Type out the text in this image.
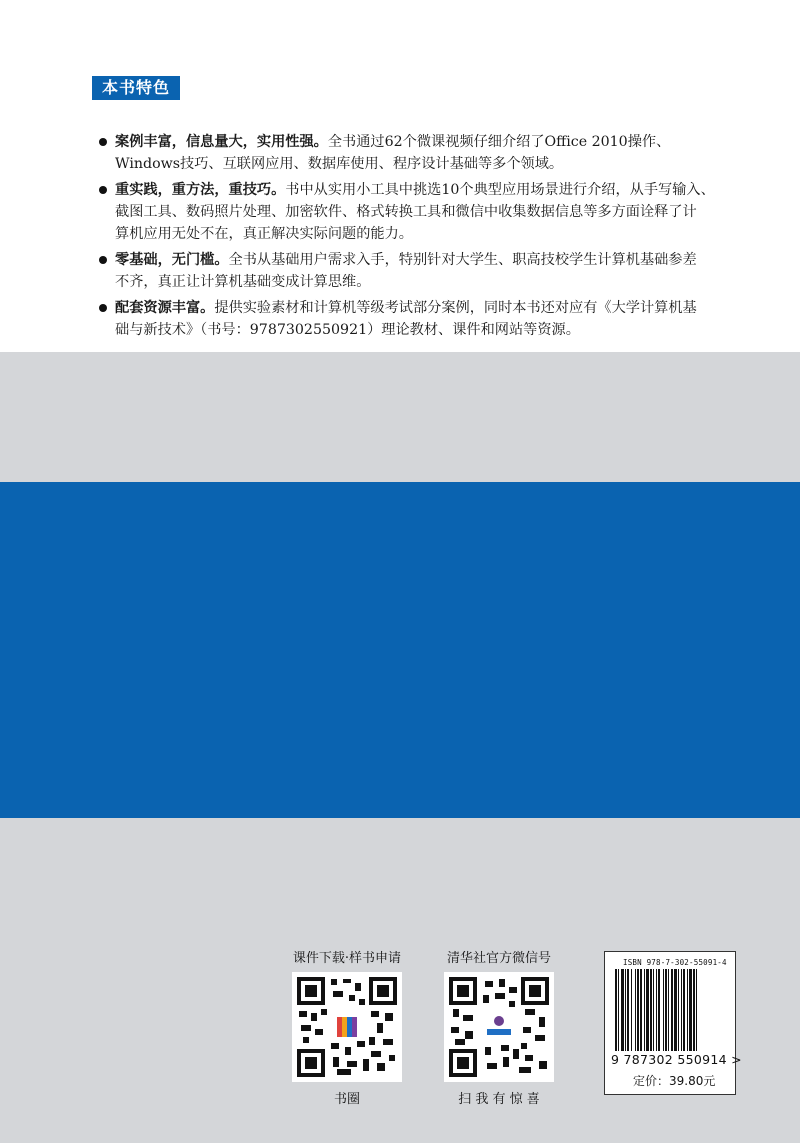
本书特色
案例丰富，信息量大，实用性强。全书通过62个微课视频仔细介绍了Office 2010操作、
Windows技巧、互联网应用、数据库使用、程序设计基础等多个领域。
重实践，重方法，重技巧。书中从实用小工具中挑选10个典型应用场景进行介绍，从手写输入、
截图工具、数码照片处理、加密软件、格式转换工具和微信中收集数据信息等多方面诠释了计
算机应用无处不在，真正解决实际问题的能力。
零基础，无门槛。全书从基础用户需求入手，特别针对大学生、职高技校学生计算机基础参差
不齐，真正让计算机基础变成计算思维。
配套资源丰富。提供实验素材和计算机等级考试部分案例，同时本书还对应有《大学计算机基
础与新技术》（书号：9787302550921）理论教材、课件和网站等资源。
课件下载·样书申请
书圈
清华社官方微信号
扫 我 有 惊 喜
ISBN 978-7-302-55091-4
9 787302 550914 >
定价：39.80元
